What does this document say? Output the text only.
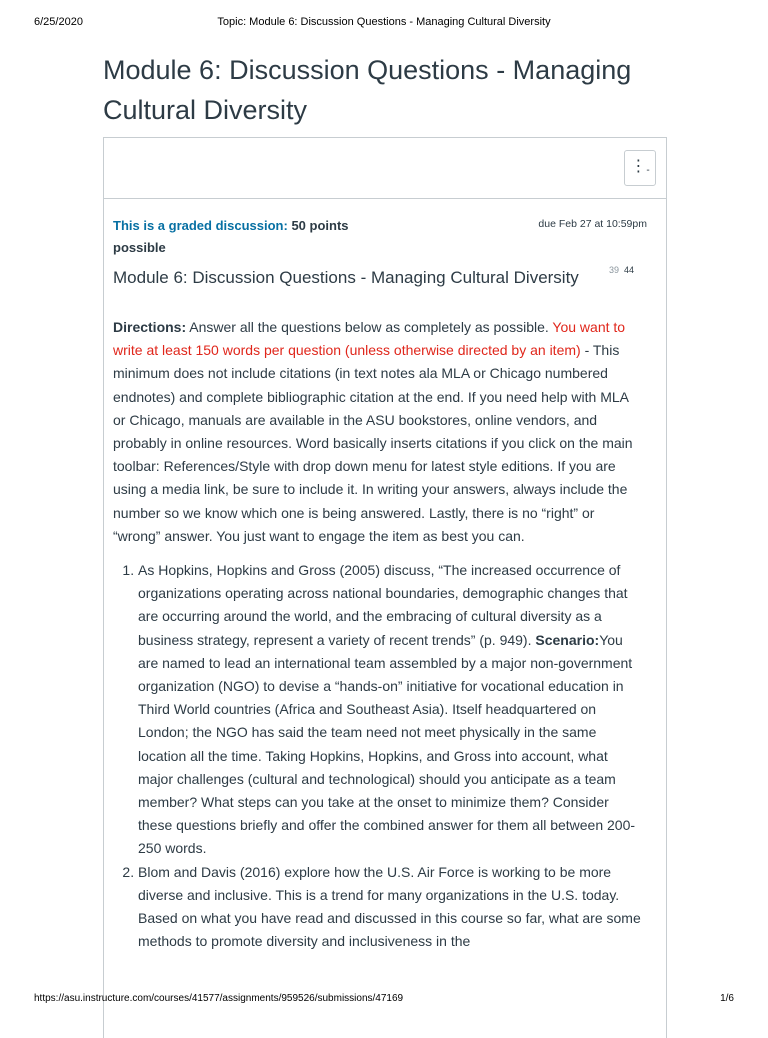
6/25/2020	Topic: Module 6: Discussion Questions - Managing Cultural Diversity
Module 6: Discussion Questions - Managing Cultural Diversity
⋮-
This is a graded discussion: 50 points possible
due Feb 27 at 10:59pm
Module 6: Discussion Questions - Managing Cultural Diversity	39 44

Directions: Answer all the questions below as completely as possible. You want to write at least 150 words per question (unless otherwise directed by an item) - This minimum does not include citations (in text notes ala MLA or Chicago numbered endnotes) and complete bibliographic citation at the end. If you need help with MLA or Chicago, manuals are available in the ASU bookstores, online vendors, and probably in online resources. Word basically inserts citations if you click on the main toolbar: References/Style with drop down menu for latest style editions. If you are using a media link, be sure to include it. In writing your answers, always include the number so we know which one is being answered. Lastly, there is no “right” or “wrong” answer. You just want to engage the item as best you can.

1. As Hopkins, Hopkins and Gross (2005) discuss, “The increased occurrence of organizations operating across national boundaries, demographic changes that are occurring around the world, and the embracing of cultural diversity as a business strategy, represent a variety of recent trends” (p. 949). Scenario:You are named to lead an international team assembled by a major non-government organization (NGO) to devise a “hands-on” initiative for vocational education in Third World countries (Africa and Southeast Asia). Itself headquartered on London; the NGO has said the team need not meet physically in the same location all the time. Taking Hopkins, Hopkins, and Gross into account, what major challenges (cultural and technological) should you anticipate as a team member? What steps can you take at the onset to minimize them? Consider these questions briefly and offer the combined answer for them all between 200-250 words.
2. Blom and Davis (2016) explore how the U.S. Air Force is working to be more diverse and inclusive. This is a trend for many organizations in the U.S. today. Based on what you have read and discussed in this course so far, what are some methods to promote diversity and inclusiveness in the
https://asu.instructure.com/courses/41577/assignments/959526/submissions/47169	1/6
